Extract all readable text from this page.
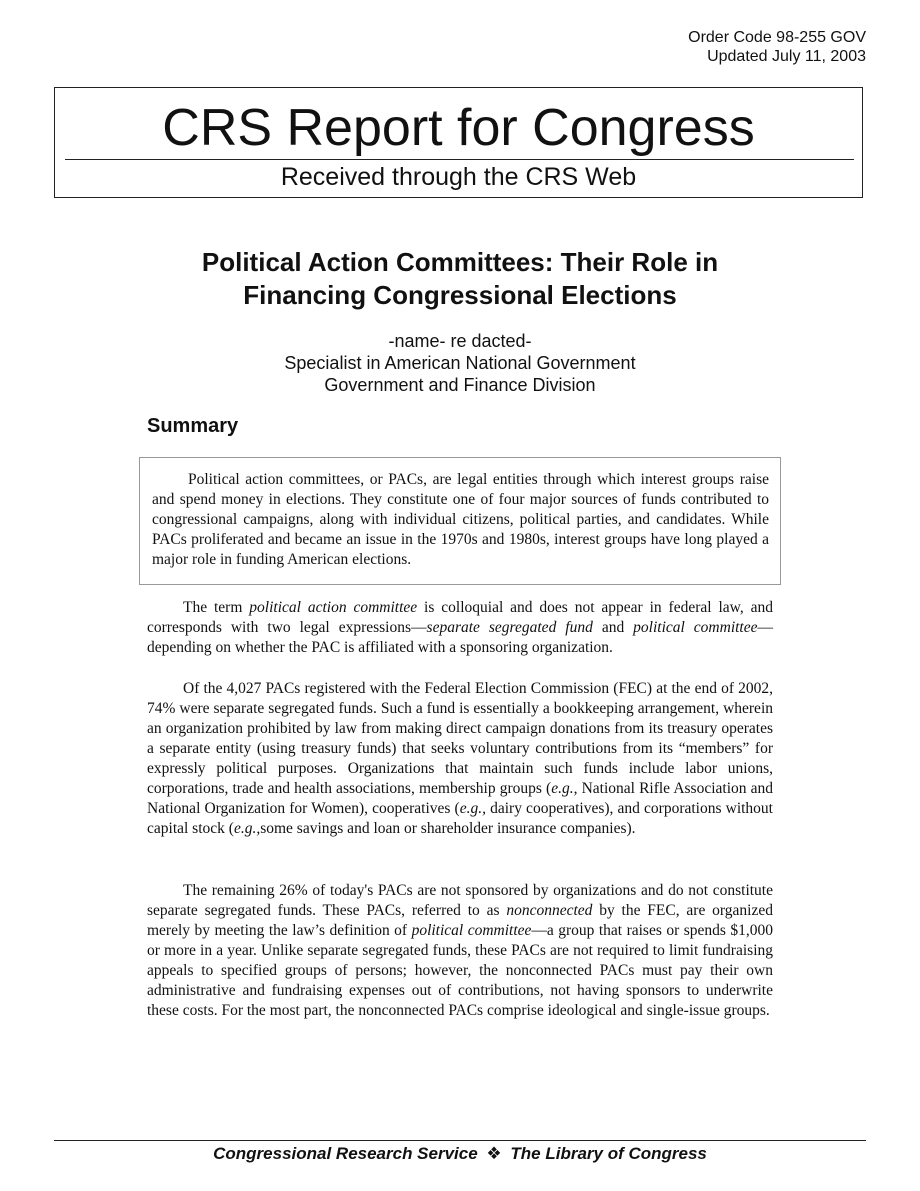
Order Code 98-255 GOV
Updated July 11, 2003
CRS Report for Congress
Received through the CRS Web
Political Action Committees: Their Role in
Financing Congressional Elections
-name- re dacted-
Specialist in American National Government
Government and Finance Division
Summary

Political action committees, or PACs, are legal entities through which interest groups raise and spend money in elections. They constitute one of four major sources of funds contributed to congressional campaigns, along with individual citizens, political parties, and candidates. While PACs proliferated and became an issue in the 1970s and 1980s, interest groups have long played a major role in funding American elections.

The term political action committee is colloquial and does not appear in federal law, and corresponds with two legal expressions—separate segregated fund and political committee—depending on whether the PAC is affiliated with a sponsoring organization.

Of the 4,027 PACs registered with the Federal Election Commission (FEC) at the end of 2002, 74% were separate segregated funds. Such a fund is essentially a bookkeeping arrangement, wherein an organization prohibited by law from making direct campaign donations from its treasury operates a separate entity (using treasury funds) that seeks voluntary contributions from its “members” for expressly political purposes. Organizations that maintain such funds include labor unions, corporations, trade and health associations, membership groups (e.g., National Rifle Association and National Organization for Women), cooperatives (e.g., dairy cooperatives), and corporations without capital stock (e.g.,some savings and loan or shareholder insurance companies).

The remaining 26% of today's PACs are not sponsored by organizations and do not constitute separate segregated funds. These PACs, referred to as nonconnected by the FEC, are organized merely by meeting the law’s definition of political committee—a group that raises or spends $1,000 or more in a year. Unlike separate segregated funds, these PACs are not required to limit fundraising appeals to specified groups of persons; however, the nonconnected PACs must pay their own administrative and fundraising expenses out of contributions, not having sponsors to underwrite these costs. For the most part, the nonconnected PACs comprise ideological and single-issue groups.

Congressional Research Service ❖ The Library of Congress
